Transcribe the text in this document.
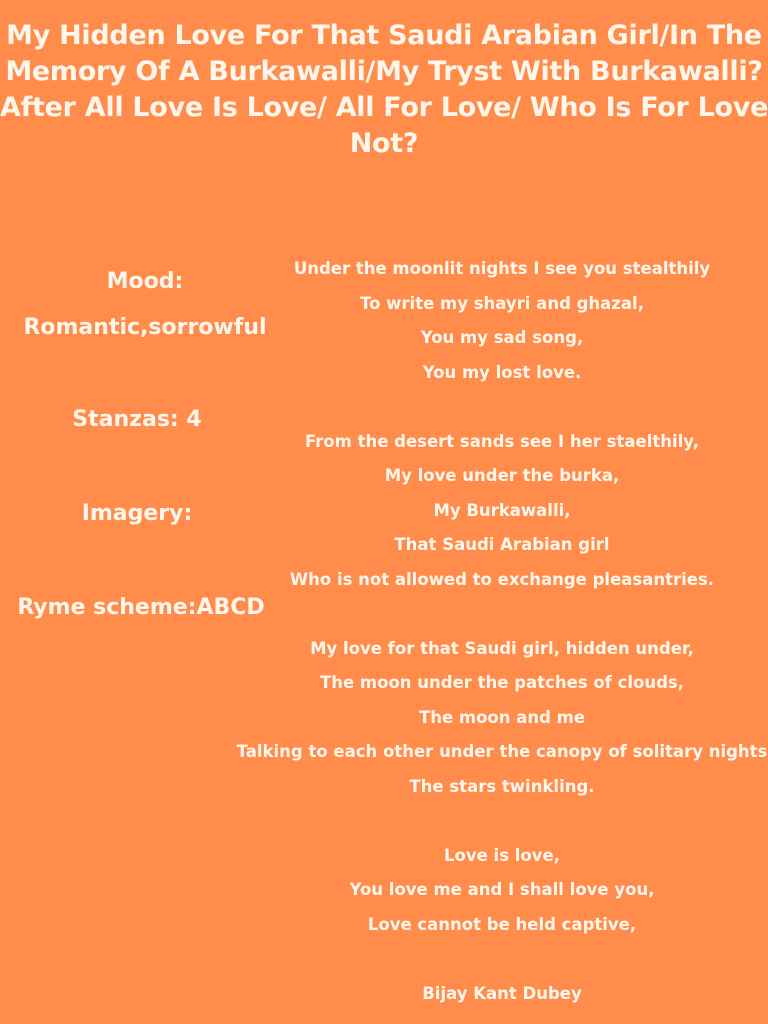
My Hidden Love For That Saudi Arabian Girl/In The
Memory Of A Burkawalli/My Tryst With Burkawalli?
After All Love Is Love/ All For Love/ Who Is For Love
Not?
Mood:
Romantic,sorrowful
Stanzas: 4
Imagery:
Ryme scheme:ABCD
Under the moonlit nights I see you stealthily
To write my shayri and ghazal,
You my sad song,
You my lost love.
From the desert sands see I her staelthily,
My love under the burka,
My Burkawalli,
That Saudi Arabian girl
Who is not allowed to exchange pleasantries.
My love for that Saudi girl, hidden under,
The moon under the patches of clouds,
The moon and me
Talking to each other under the canopy of solitary nights
The stars twinkling.
Love is love,
You love me and I shall love you,
Love cannot be held captive,
Bijay Kant Dubey
